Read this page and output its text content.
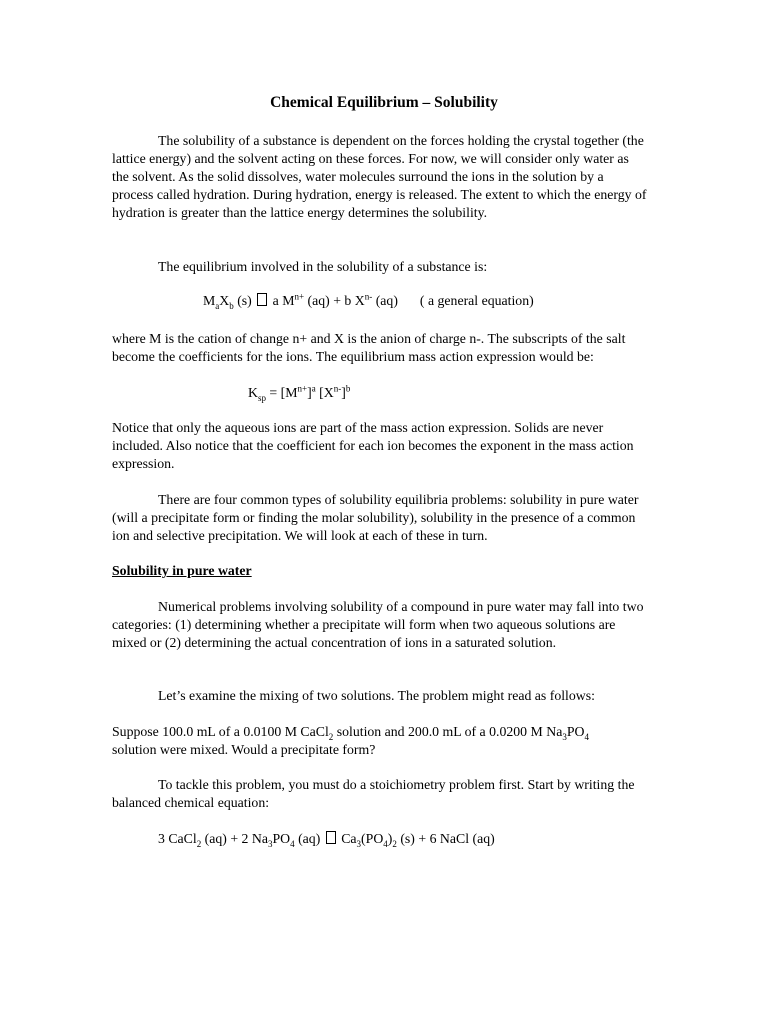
Chemical Equilibrium – Solubility

The solubility of a substance is dependent on the forces holding the crystal together (the lattice energy) and the solvent acting on these forces. For now, we will consider only water as the solvent. As the solid dissolves, water molecules surround the ions in the solution by a process called hydration. During hydration, energy is released. The extent to which the energy of hydration is greater than the lattice energy determines the solubility.

The equilibrium involved in the solubility of a substance is:

$M_aX_b$ (s)  a $M^{n+}$ (aq) + b $X^{n-}$ (aq) ( a general equation)

where M is the cation of change n+ and X is the anion of charge n-. The subscripts of the salt become the coefficients for the ions. The equilibrium mass action expression would be:

$K_{sp} = [M^{n+}]^a$ $[X^{n-}]^b$

Notice that only the aqueous ions are part of the mass action expression. Solids are never included. Also notice that the coefficient for each ion becomes the exponent in the mass action expression.

There are four common types of solubility equilibria problems: solubility in pure water (will a precipitate form or finding the molar solubility), solubility in the presence of a common ion and selective precipitation. We will look at each of these in turn.

Solubility in pure water

Numerical problems involving solubility of a compound in pure water may fall into two categories: (1) determining whether a precipitate will form when two aqueous solutions are mixed or (2) determining the actual concentration of ions in a saturated solution.

Let’s examine the mixing of two solutions. The problem might read as follows:

Suppose 100.0 mL of a 0.0100 M CaCl$_2$ solution and 200.0 mL of a 0.0200 M $Na_3PO_4$
solution were mixed. Would a precipitate form?

To tackle this problem, you must do a stoichiometry problem first. Start by writing the balanced chemical equation:

3 CaCl$_2$ (aq) + 2 $Na_3PO_4$ (aq)  $Ca_3(PO_4)_2$ (s) + 6 NaCl (aq)
